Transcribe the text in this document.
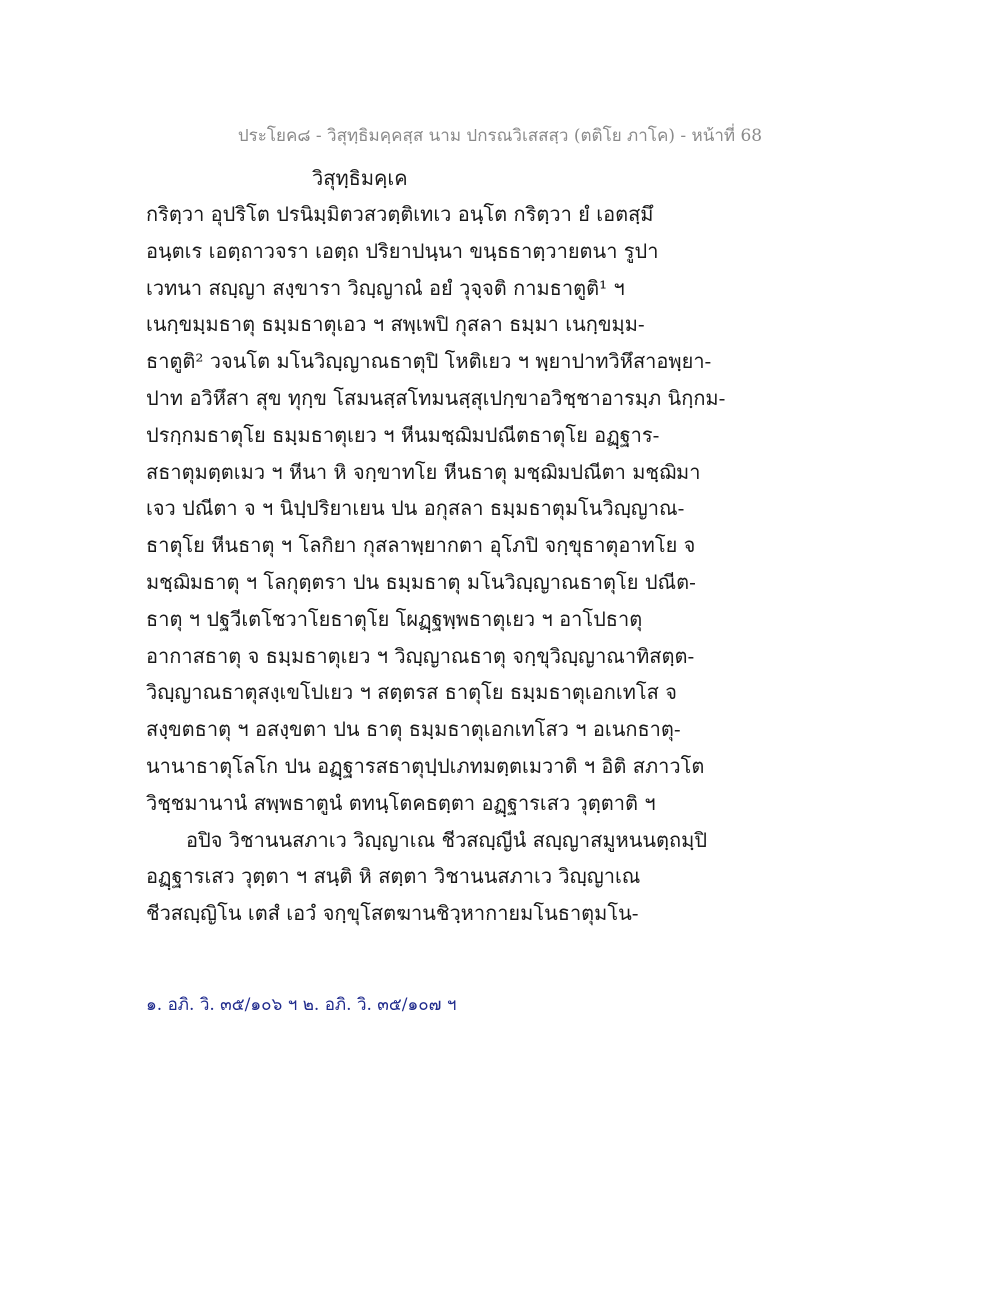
ประโยค๘ - วิสุทฺธิมคฺคสฺส นาม ปกรณวิเสสสฺว (ตติโย ภาโค) - หน้าที่ 68
วิสุทฺธิมคฺเค
กริตฺวา อุปริโต ปรนิมฺมิตวสวตฺติเทเว อนฺโต กริตฺวา ยํ เอตสฺมึ
อนฺตเร เอตฺถาวจรา เอตฺถ ปริยาปนฺนา ขนฺธธาตฺวายตนา รูปา
เวทนา สญฺญา สงฺขารา วิญฺญาณํ อยํ วุจฺจติ กามธาตูติ¹ ฯ
เนกฺขมฺมธาตุ ธมฺมธาตุเอว ฯ สพฺเพปิ กุสลา ธมฺมา เนกฺขมฺม-
ธาตูติ² วจนโต มโนวิญฺญาณธาตุปิ โหติเยว ฯ พฺยาปาทวิหึสาอพฺยา-
ปาท อวิหึสา สุข ทุกฺข โสมนสฺสโทมนสฺสุเปกฺขาอวิชฺชาอารมฺภ นิกฺกม-
ปรกฺกมธาตุโย ธมฺมธาตุเยว ฯ หีนมชฺฌิมปณีตธาตุโย อฏฺฐาร-
สธาตุมตฺตเมว ฯ หีนา หิ จกฺขาทโย หีนธาตุ มชฺฌิมปณีตา มชฺฌิมา
เจว ปณีตา จ ฯ นิปฺปริยาเยน ปน อกุสลา ธมฺมธาตุมโนวิญฺญาณ-
ธาตุโย หีนธาตุ ฯ โลกิยา กุสลาพฺยากตา อุโภปิ จกฺขุธาตุอาทโย จ
มชฺฌิมธาตุ ฯ โลกุตฺตรา ปน ธมฺมธาตุ มโนวิญฺญาณธาตุโย ปณีต-
ธาตุ ฯ ปฐวีเตโชวาโยธาตุโย โผฏฺฐพฺพธาตุเยว ฯ อาโปธาตุ
อากาสธาตุ จ ธมฺมธาตุเยว ฯ วิญฺญาณธาตุ จกฺขุวิญฺญาณาทิสตฺต-
วิญฺญาณธาตุสงฺเขโปเยว ฯ สตฺตรส ธาตุโย ธมฺมธาตุเอกเทโส จ
สงฺขตธาตุ ฯ อสงฺขตา ปน ธาตุ ธมฺมธาตุเอกเทโสว ฯ อเนกธาตุ-
นานาธาตุโลโก ปน อฏฺฐารสธาตุปฺปเภทมตฺตเมวาติ ฯ อิติ สภาวโต
วิชฺชมานานํ สพฺพธาตูนํ ตทนฺโตคธตฺตา อฏฺฐารเสว วุตฺตาติ ฯ
อปิจ วิชานนสภาเว วิญฺญาเณ ชีวสญฺญีนํ สญฺญาสมูหนนตฺถมฺปิ
อฏฺฐารเสว วุตฺตา ฯ สนฺติ หิ สตฺตา วิชานนสภาเว วิญฺญาเณ
ชีวสญฺญิโน เตสํ เอวํ จกฺขุโสตฆานชิวฺหากายมโนธาตุมโน-
๑. อภิ. วิ. ๓๕/๑๐๖ ฯ ๒. อภิ. วิ. ๓๕/๑๐๗ ฯ
